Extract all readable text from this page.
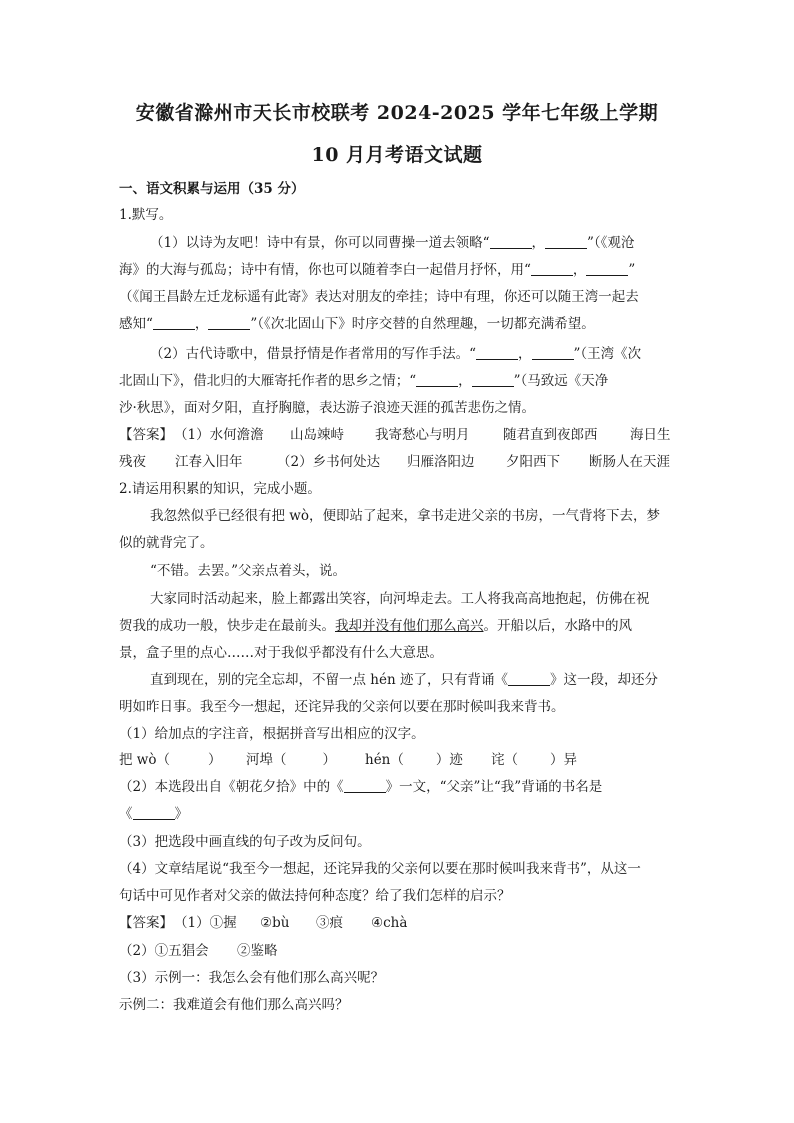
安徽省滁州市天长市校联考 2024-2025 学年七年级上学期
10 月月考语文试题
一、语文积累与运用（35 分）
1.默写。
（1）以诗为友吧！诗中有景，你可以同曹操一道去领略“	，	”（《观沧
海》的大海与孤岛；诗中有情，你也可以随着李白一起借月抒怀，用“	，	”
（《闻王昌龄左迁龙标遥有此寄》表达对朋友的牵挂；诗中有理，你还可以随王湾一起去
感知“	，	”（《次北固山下》时序交替的自然理趣，一切都充满希望。
（2）古代诗歌中，借景抒情是作者常用的写作手法。“	，	”（王湾《次
北固山下》，借北归的大雁寄托作者的思乡之情；“	，	”（马致远《天净
沙·秋思》，面对夕阳，直抒胸臆，表达游子浪迹天涯的孤苦悲伤之情。
【答案】 （1）水何澹澹 山岛竦峙 我寄愁心与明月 随君直到夜郎西 海日生
残夜 江春入旧年	（2）乡书何处达 归雁洛阳边 夕阳西下 断肠人在天涯
2.请运用积累的知识，完成小题。
我忽然似乎已经很有把 wò，便即站了起来，拿书走进父亲的书房，一气背将下去，梦
似的就背完了。
“不错。去罢。”父亲点着头，说。
大家同时活动起来，脸上都露出笑容，向河埠走去。工人将我高高地抱起，仿佛在祝
贺我的成功一般，快步走在最前头。我却并没有他们那么高兴。开船以后，水路中的风
景，盒子里的点心……对于我似乎都没有什么大意思。
直到现在，别的完全忘却，不留一点 hén 迹了，只有背诵《	》这一段，却还分
明如昨日事。我至今一想起，还诧异我的父亲何以要在那时候叫我来背书。
（1）给加点的字注音，根据拼音写出相应的汉字。
把 wò（	） 河埠（	） hén（ ）迹 诧（ ）异
（2）本选段出自《朝花夕拾》中的《	》一文，“父亲”让“我”背诵的书名是
《	》
（3）把选段中画直线的句子改为反问句。
（4）文章结尾说“我至今一想起，还诧异我的父亲何以要在那时候叫我来背书”，从这一
句话中可见作者对父亲的做法持何种态度？给了我们怎样的启示？
【答案】 （1）①握 ②bù ③痕 ④chà
（2）①五猖会 ②鉴略
（3）示例一：我怎么会有他们那么高兴呢？
示例二：我难道会有他们那么高兴吗？
